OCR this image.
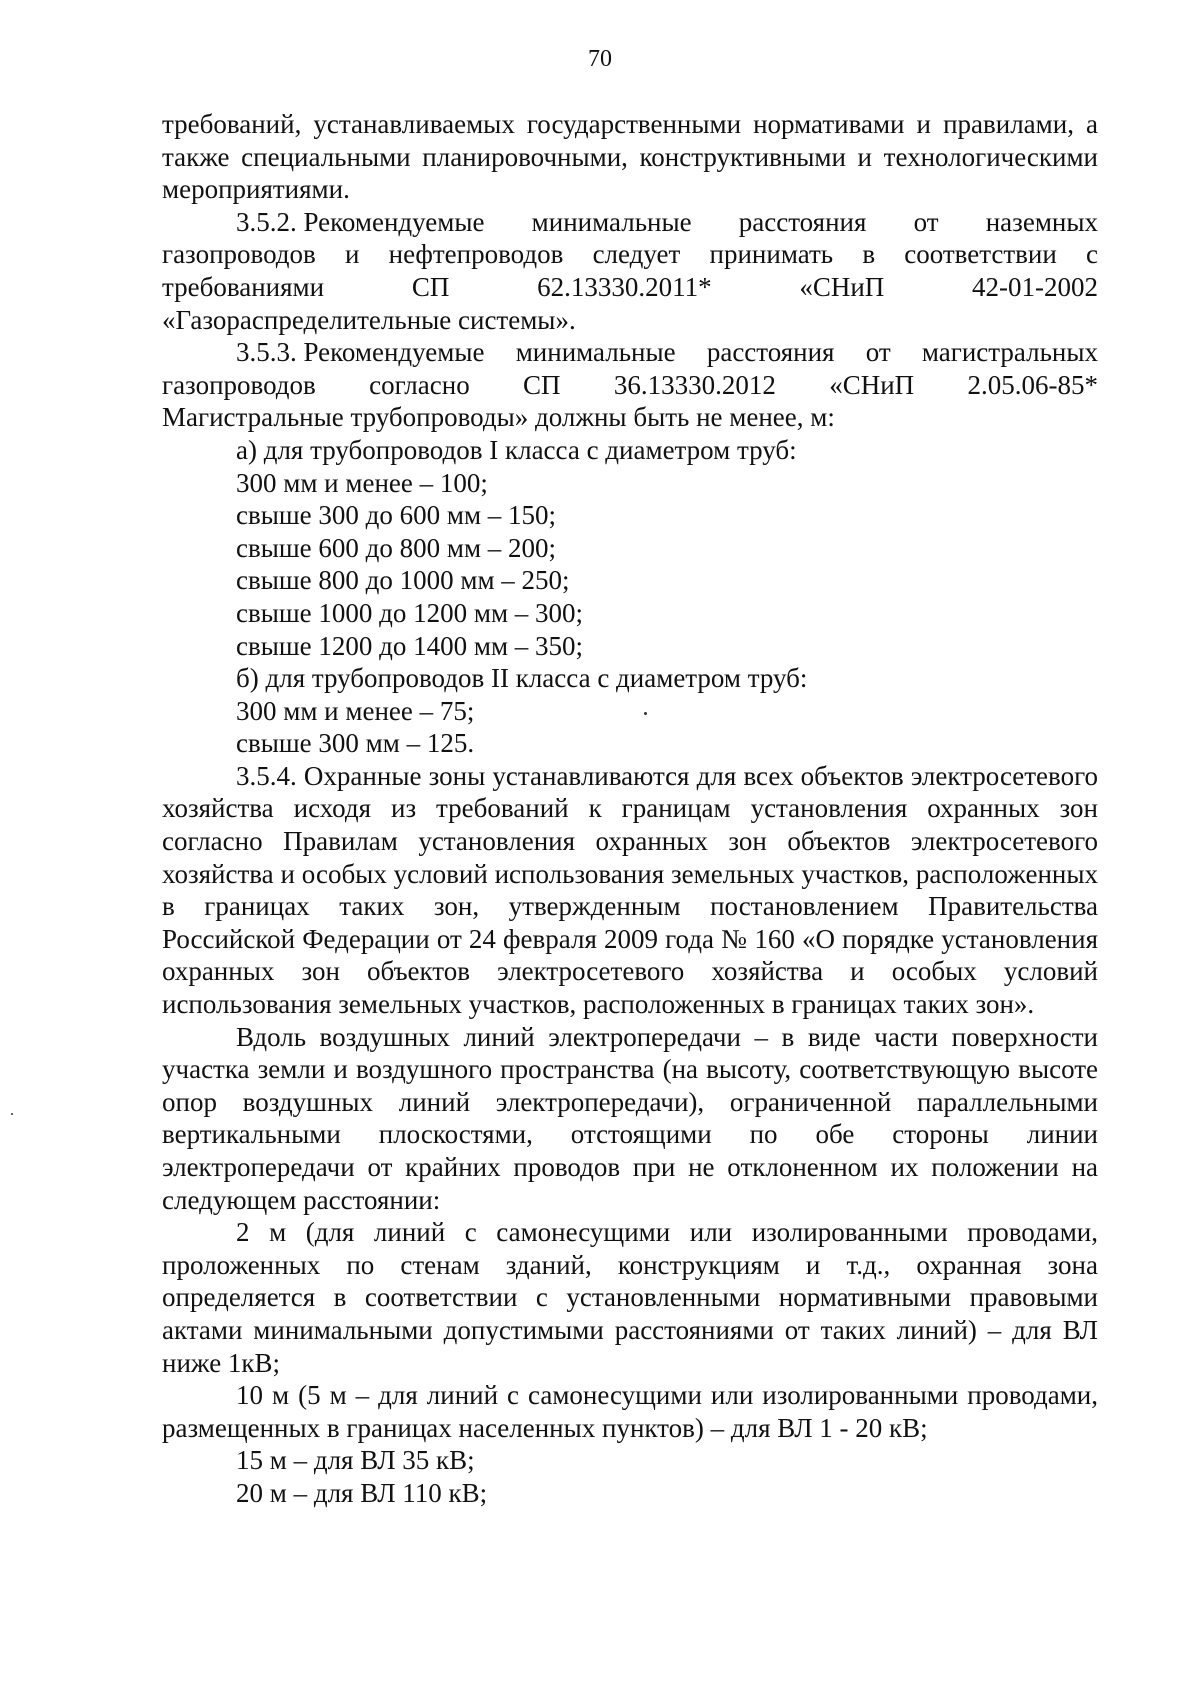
70

требований, устанавливаемых государственными нормативами и правилами, а также специальными планировочными, конструктивными и технологическими мероприятиями.

3.5.2. Рекомендуемые минимальные расстояния от наземных
газопроводов и нефтепроводов следует принимать в соответствии с
требованиями	СП	62.13330.2011*	«СНиП	42-01-2002

«Газораспределительные системы».

3.5.3. Рекомендуемые минимальные расстояния от магистральных
газопроводов согласно СП 36.13330.2012 «СНиП 2.05.06-85*

Магистральные трубопроводы» должны быть не менее, м:

а) для трубопроводов I класса с диаметром труб:

300 мм и менее – 100;

свыше 300 до 600 мм – 150;

свыше 600 до 800 мм – 200;

свыше 800 до 1000 мм – 250;

свыше 1000 до 1200 мм – 300;

свыше 1200 до 1400 мм – 350;

б) для трубопроводов II класса с диаметром труб:

300 мм и менее – 75;

свыше 300 мм – 125.

3.5.4. Охранные зоны устанавливаются для всех объектов электросетевого хозяйства исходя из требований к границам установления охранных зон согласно Правилам установления охранных зон объектов электросетевого хозяйства и особых условий использования земельных участков, расположенных в границах таких зон, утвержденным постановлением Правительства Российской Федерации от 24 февраля 2009 года № 160 «О порядке установления охранных зон объектов электросетевого хозяйства и особых условий использования земельных участков, расположенных в границах таких зон».

Вдоль воздушных линий электропередачи – в виде части поверхности участка земли и воздушного пространства (на высоту, соответствующую высоте опор воздушных линий электропередачи), ограниченной параллельными вертикальными плоскостями, отстоящими по обе стороны линии электропередачи от крайних проводов при не отклоненном их положении на следующем расстоянии:

2 м (для линий с самонесущими или изолированными проводами, проложенных по стенам зданий, конструкциям и т.д., охранная зона определяется в соответствии с установленными нормативными правовыми актами минимальными допустимыми расстояниями от таких линий) – для ВЛ ниже 1кВ;

10 м (5 м – для линий с самонесущими или изолированными проводами, размещенных в границах населенных пунктов) – для ВЛ 1 - 20 кВ;

15 м – для ВЛ 35 кВ;

20 м – для ВЛ 110 кВ;
